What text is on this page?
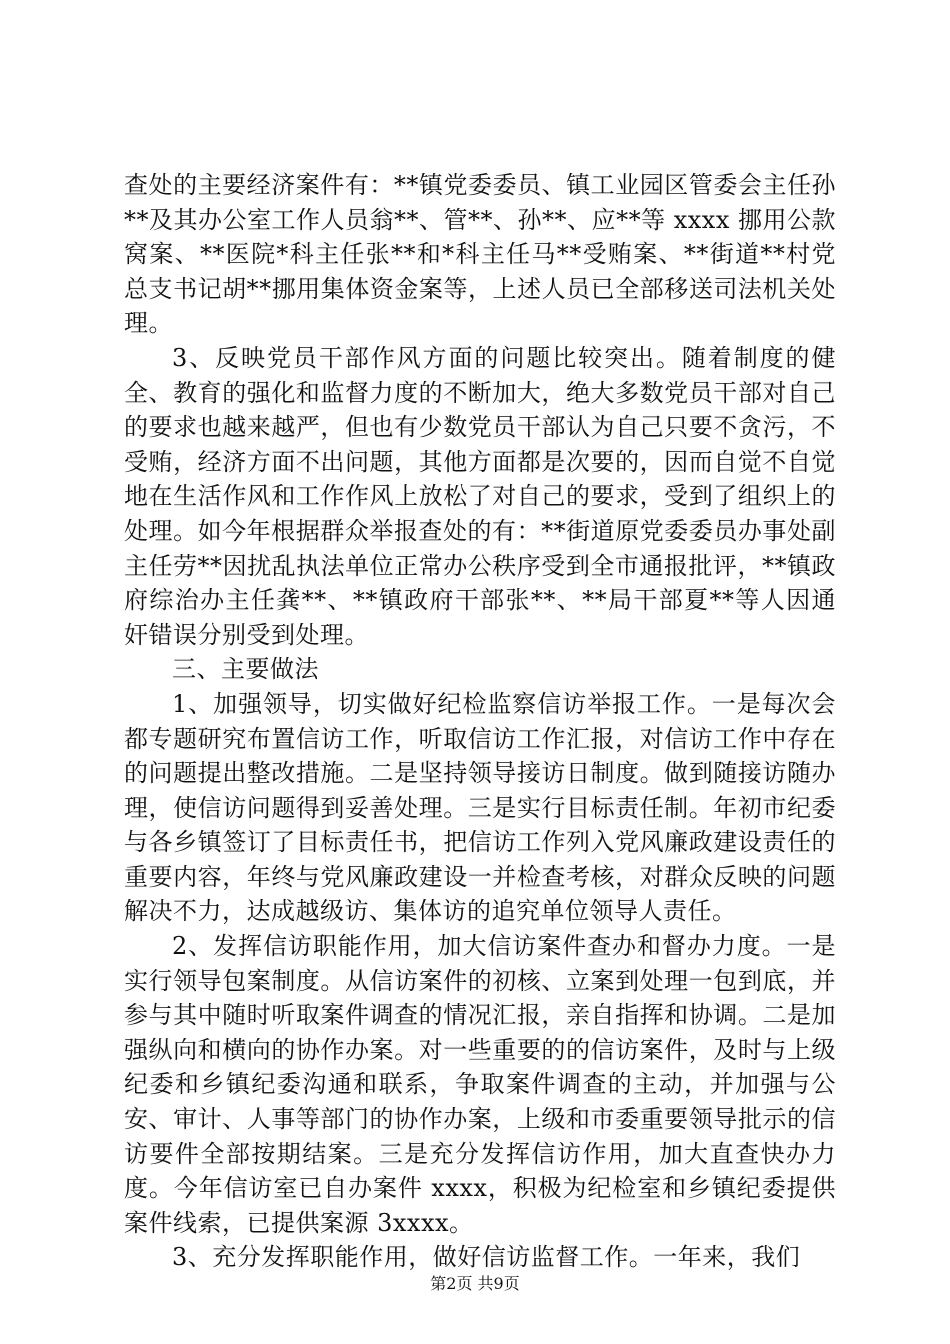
查处的主要经济案件有：**镇党委委员、镇工业园区管委会主任孙**及其办公室工作人员翁**、管**、孙**、应**等 xxxx 挪用公款窝案、**医院*科主任张**和*科主任马**受贿案、**街道**村党总支书记胡**挪用集体资金案等，上述人员已全部移送司法机关处理。

3、反映党员干部作风方面的问题比较突出。随着制度的健全、教育的强化和监督力度的不断加大，绝大多数党员干部对自己的要求也越来越严，但也有少数党员干部认为自己只要不贪污，不受贿，经济方面不出问题，其他方面都是次要的，因而自觉不自觉地在生活作风和工作作风上放松了对自己的要求，受到了组织上的处理。如今年根据群众举报查处的有：**街道原党委委员办事处副主任劳**因扰乱执法单位正常办公秩序受到全市通报批评，**镇政府综治办主任龚**、**镇政府干部张**、**局干部夏**等人因通奸错误分别受到处理。

三、主要做法

1、加强领导，切实做好纪检监察信访举报工作。一是每次会都专题研究布置信访工作，听取信访工作汇报，对信访工作中存在的问题提出整改措施。二是坚持领导接访日制度。做到随接访随办理，使信访问题得到妥善处理。三是实行目标责任制。年初市纪委与各乡镇签订了目标责任书，把信访工作列入党风廉政建设责任的重要内容，年终与党风廉政建设一并检查考核，对群众反映的问题解决不力，达成越级访、集体访的追究单位领导人责任。

2、发挥信访职能作用，加大信访案件查办和督办力度。一是实行领导包案制度。从信访案件的初核、立案到处理一包到底，并参与其中随时听取案件调查的情况汇报，亲自指挥和协调。二是加强纵向和横向的协作办案。对一些重要的的信访案件，及时与上级纪委和乡镇纪委沟通和联系，争取案件调查的主动，并加强与公安、审计、人事等部门的协作办案，上级和市委重要领导批示的信访要件全部按期结案。三是充分发挥信访作用，加大直查快办力度。今年信访室已自办案件 xxxx，积极为纪检室和乡镇纪委提供案件线索，已提供案源 3xxxx。

3、充分发挥职能作用，做好信访监督工作。一年来，我们

第2页 共9页
